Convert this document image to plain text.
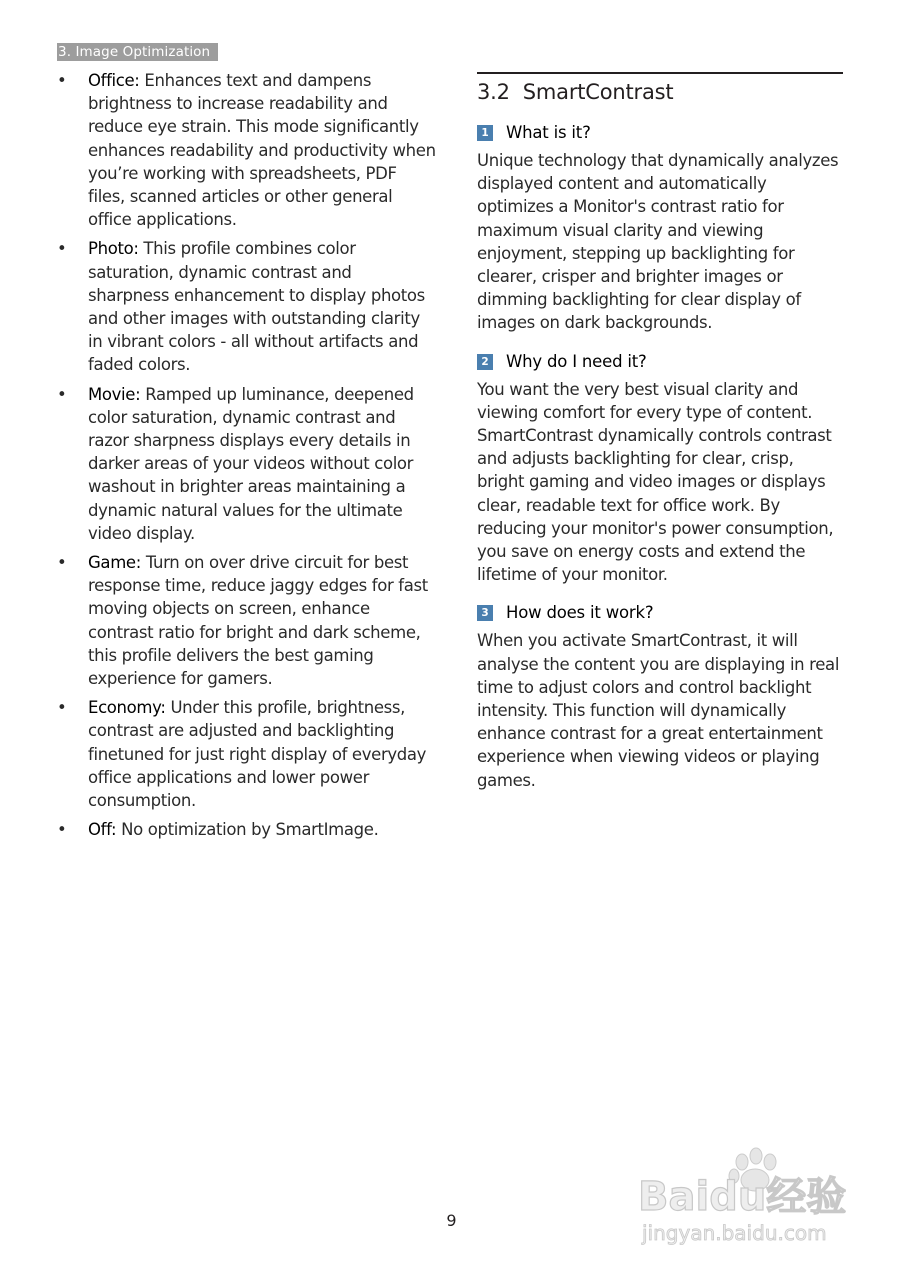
3. Image Optimization
• Office: Enhances text and dampens brightness to increase readability and reduce eye strain. This mode significantly enhances readability and productivity when you’re working with spreadsheets, PDF files, scanned articles or other general office applications.
• Photo: This profile combines color saturation, dynamic contrast and sharpness enhancement to display photos and other images with outstanding clarity in vibrant colors - all without artifacts and faded colors.
• Movie: Ramped up luminance, deepened color saturation, dynamic contrast and razor sharpness displays every details in darker areas of your videos without color washout in brighter areas maintaining a dynamic natural values for the ultimate video display.
• Game: Turn on over drive circuit for best response time, reduce jaggy edges for fast moving objects on screen, enhance contrast ratio for bright and dark scheme, this profile delivers the best gaming experience for gamers.
• Economy: Under this profile, brightness, contrast are adjusted and backlighting finetuned for just right display of everyday office applications and lower power consumption.
• Off: No optimization by SmartImage.
3.2 SmartContrast
1 What is it?

Unique technology that dynamically analyzes displayed content and automatically optimizes a Monitor's contrast ratio for maximum visual clarity and viewing enjoyment, stepping up backlighting for clearer, crisper and brighter images or dimming backlighting for clear display of images on dark backgrounds.

2 Why do I need it?

You want the very best visual clarity and viewing comfort for every type of content. SmartContrast dynamically controls contrast and adjusts backlighting for clear, crisp, bright gaming and video images or displays clear, readable text for office work. By reducing your monitor's power consumption, you save on energy costs and extend the lifetime of your monitor.

3 How does it work?

When you activate SmartContrast, it will analyse the content you are displaying in real time to adjust colors and control backlight intensity. This function will dynamically enhance contrast for a great entertainment experience when viewing videos or playing games.

9
Baidu经验
jingyan.baidu.com
